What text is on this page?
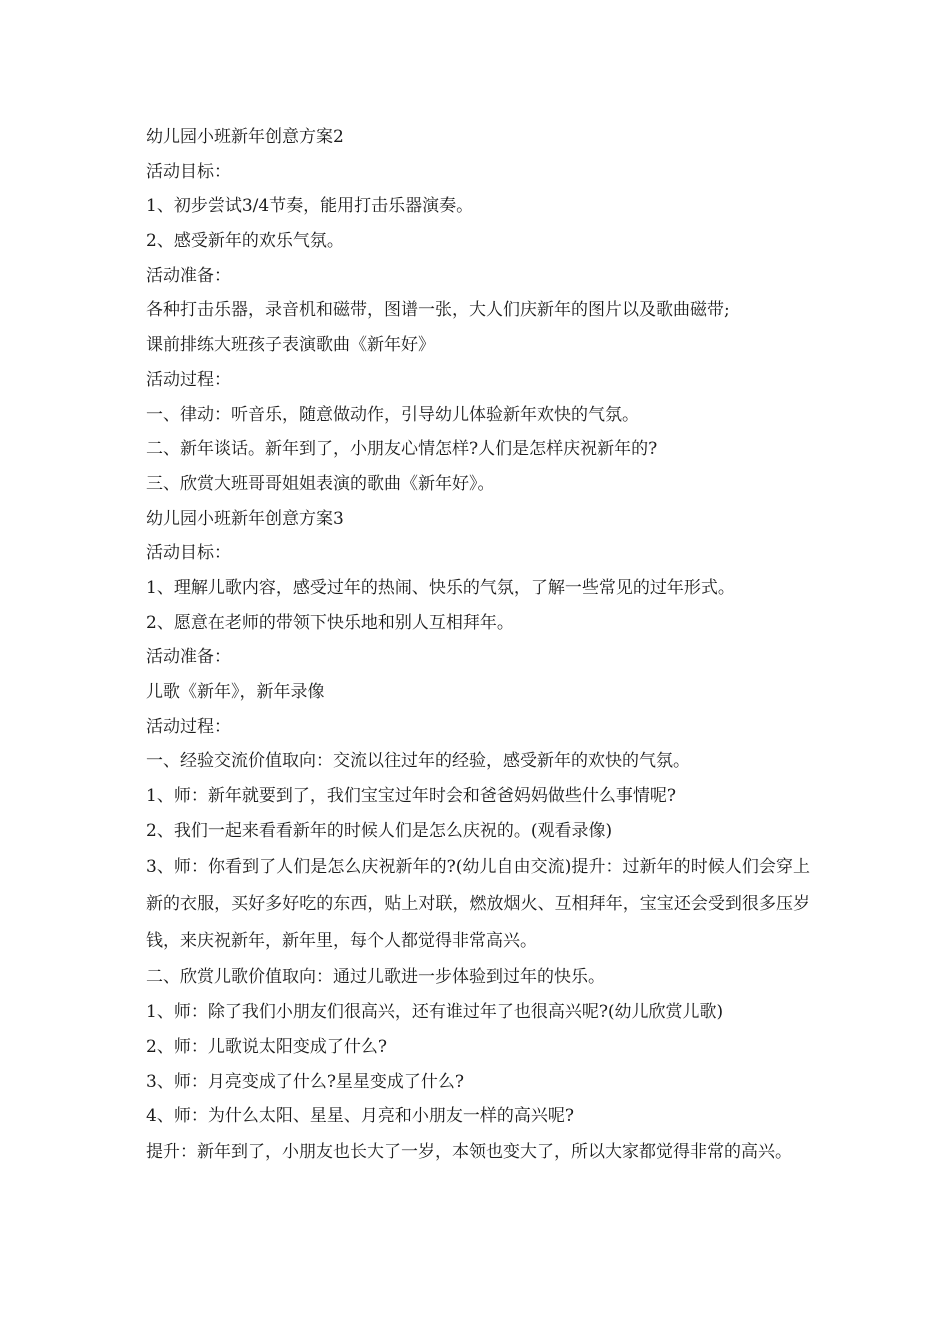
幼儿园小班新年创意方案2
活动目标：
1、初步尝试3/4节奏，能用打击乐器演奏。
2、感受新年的欢乐气氛。
活动准备：
各种打击乐器，录音机和磁带，图谱一张，大人们庆新年的图片以及歌曲磁带;
课前排练大班孩子表演歌曲《新年好》
活动过程：
一、律动：听音乐，随意做动作，引导幼儿体验新年欢快的气氛。
二、新年谈话。新年到了，小朋友心情怎样?人们是怎样庆祝新年的?
三、欣赏大班哥哥姐姐表演的歌曲《新年好》。
幼儿园小班新年创意方案3
活动目标：
1、理解儿歌内容，感受过年的热闹、快乐的气氛，了解一些常见的过年形式。
2、愿意在老师的带领下快乐地和别人互相拜年。
活动准备：
儿歌《新年》，新年录像
活动过程：
一、经验交流价值取向：交流以往过年的经验，感受新年的欢快的气氛。
1、师：新年就要到了，我们宝宝过年时会和爸爸妈妈做些什么事情呢?
2、我们一起来看看新年的时候人们是怎么庆祝的。(观看录像)
3、师：你看到了人们是怎么庆祝新年的?(幼儿自由交流)提升：过新年的时候人们会穿上新的衣服，买好多好吃的东西，贴上对联，燃放烟火、互相拜年，宝宝还会受到很多压岁钱，来庆祝新年，新年里，每个人都觉得非常高兴。
二、欣赏儿歌价值取向：通过儿歌进一步体验到过年的快乐。
1、师：除了我们小朋友们很高兴，还有谁过年了也很高兴呢?(幼儿欣赏儿歌)
2、师：儿歌说太阳变成了什么?
3、师：月亮变成了什么?星星变成了什么?
4、师：为什么太阳、星星、月亮和小朋友一样的高兴呢?
提升：新年到了，小朋友也长大了一岁，本领也变大了，所以大家都觉得非常的高兴。
